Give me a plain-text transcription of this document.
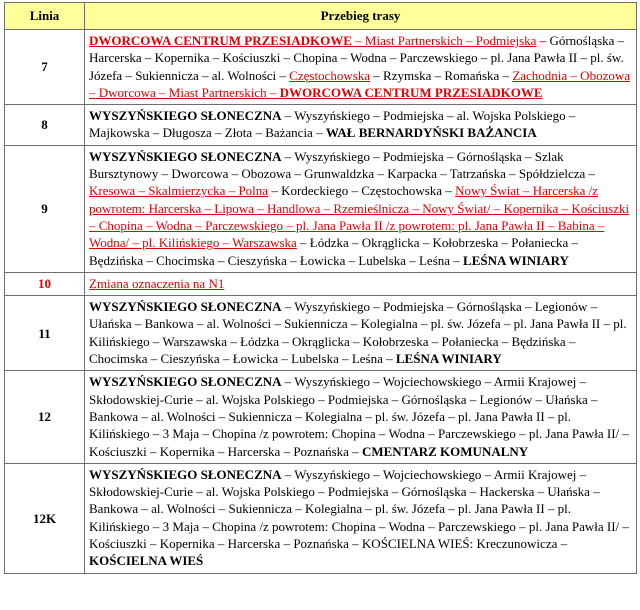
Linia	Przebieg trasy
7	DWORCOWA CENTRUM PRZESIADKOWE – Miast Partnerskich – Podmiejska – Górnośląska – Harcerska – Kopernika – Kościuszki – Chopina – Wodna – Parczewskiego – pl. Jana Pawła II – pl. św. Józefa – Sukiennicza – al. Wolności – Częstochowska – Rzymska – Romańska – Zachodnia – Obozowa – Dworcowa – Miast Partnerskich – DWORCOWA CENTRUM PRZESIADKOWE
8	WYSZYŃSKIEGO SŁONECZNA – Wyszyńskiego – Podmiejska – al. Wojska Polskiego – Majkowska – Długosza – Złota – Bażancia – WAŁ BERNARDYŃSKI BAŻANCIA
9	WYSZYŃSKIEGO SŁONECZNA – Wyszyńskiego – Podmiejska – Górnośląska – Szlak Bursztynowy – Dworcowa – Obozowa – Grunwaldzka – Karpacka – Tatrzańska – Spółdzielcza – Kresowa – Skalmierzycka – Polna – Kordeckiego – Częstochowska – Nowy Świat – Harcerska /z powrotem: Harcerska – Lipowa – Handlowa – Rzemieślnicza – Nowy Świat/ – Kopernika – Kościuszki – Chopina – Wodna – Parczewskiego – pl. Jana Pawła II /z powrotem: pl. Jana Pawła II – Babina – Wodna/ – pl. Kilińskiego – Warszawska – Łódzka – Okrąglicka – Kołobrzeska – Połaniecka – Będzińska – Chocimska – Cieszyńska – Łowicka – Lubelska – Leśna – LEŚNA WINIARY
10	Zmiana oznaczenia na N1
11	WYSZYŃSKIEGO SŁONECZNA – Wyszyńskiego – Podmiejska – Górnośląska – Legionów – Ułańska – Bankowa – al. Wolności – Sukiennicza – Kolegialna – pl. św. Józefa – pl. Jana Pawła II – pl. Kilińskiego – Warszawska – Łódzka – Okrąglicka – Kołobrzeska – Połaniecka – Będzińska – Chocimska – Cieszyńska – Łowicka – Lubelska – Leśna – LEŚNA WINIARY
12	WYSZYŃSKIEGO SŁONECZNA – Wyszyńskiego – Wojciechowskiego – Armii Krajowej – Skłodowskiej-Curie – al. Wojska Polskiego – Podmiejska – Górnośląska – Legionów – Ułańska – Bankowa – al. Wolności – Sukiennicza – Kolegialna – pl. św. Józefa – pl. Jana Pawła II – pl. Kilińskiego – 3 Maja – Chopina /z powrotem: Chopina – Wodna – Parczewskiego – pl. Jana Pawła II/ – Kościuszki – Kopernika – Harcerska – Poznańska – CMENTARZ KOMUNALNY
12K	WYSZYŃSKIEGO SŁONECZNA – Wyszyńskiego – Wojciechowskiego – Armii Krajowej – Skłodowskiej-Curie – al. Wojska Polskiego – Podmiejska – Górnośląska – Hackerska – Ułańska – Bankowa – al. Wolności – Sukiennicza – Kolegialna – pl. św. Józefa – pl. Jana Pawła II – pl. Kilińskiego – 3 Maja – Chopina /z powrotem: Chopina – Wodna – Parczewskiego – pl. Jana Pawła II/ – Kościuszki – Kopernika – Harcerska – Poznańska – KOŚCIELNA WIEŚ: Kreczunowicza – KOŚCIELNA WIEŚ
